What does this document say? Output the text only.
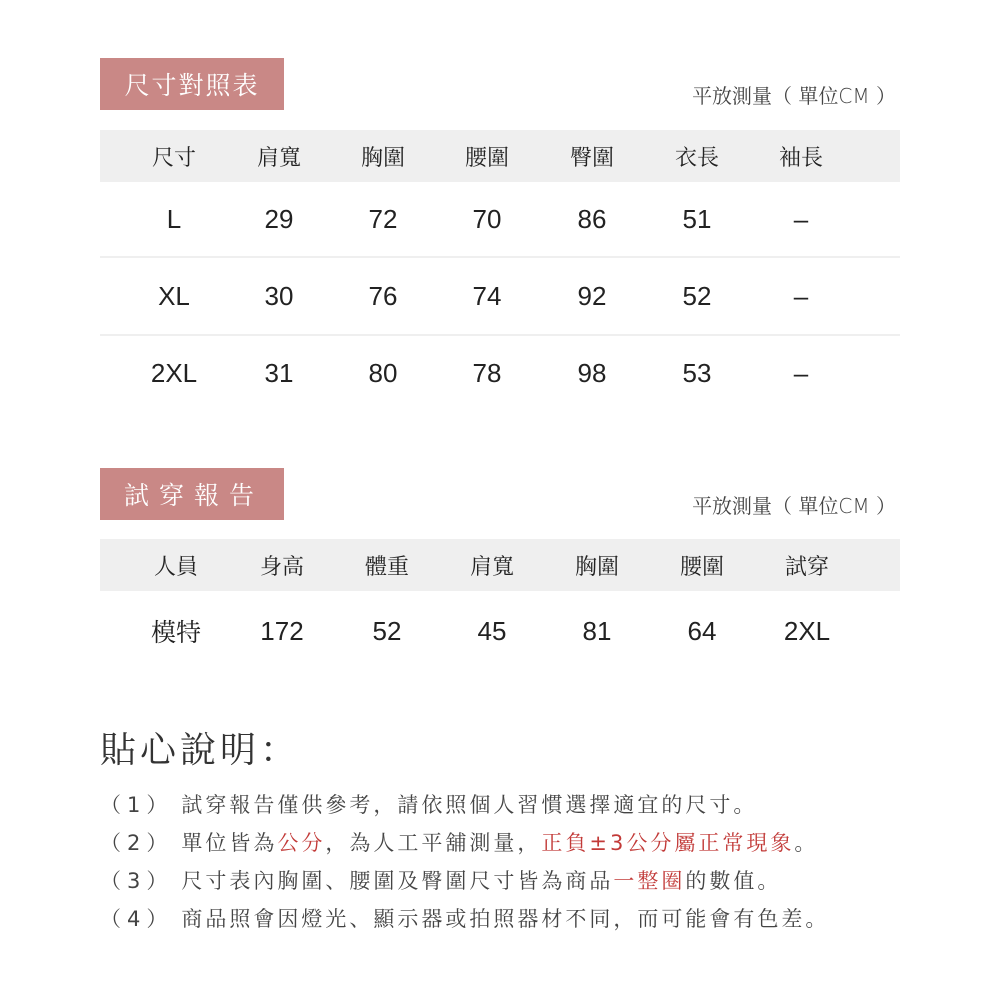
尺寸對照表	平放測量（ 單位CM ）
尺寸	肩寬	胸圍	腰圍	臀圍	衣長	袖長
L	29	72	70	86	51	–
XL	30	76	74	92	52	–
2XL	31	80	78	98	53	–
試穿報告	平放測量（ 單位CM ）
人員	身高	體重	肩寬	胸圍	腰圍	試穿
模特	172	52	45	81	64	2XL
貼心說明：
（1） 試穿報告僅供參考，請依照個人習慣選擇適宜的尺寸。
（2） 單位皆為公分，為人工平舖測量，正負±3公分屬正常現象。
（3） 尺寸表內胸圍、腰圍及臀圍尺寸皆為商品一整圈的數值。
（4） 商品照會因燈光、顯示器或拍照器材不同，而可能會有色差。
